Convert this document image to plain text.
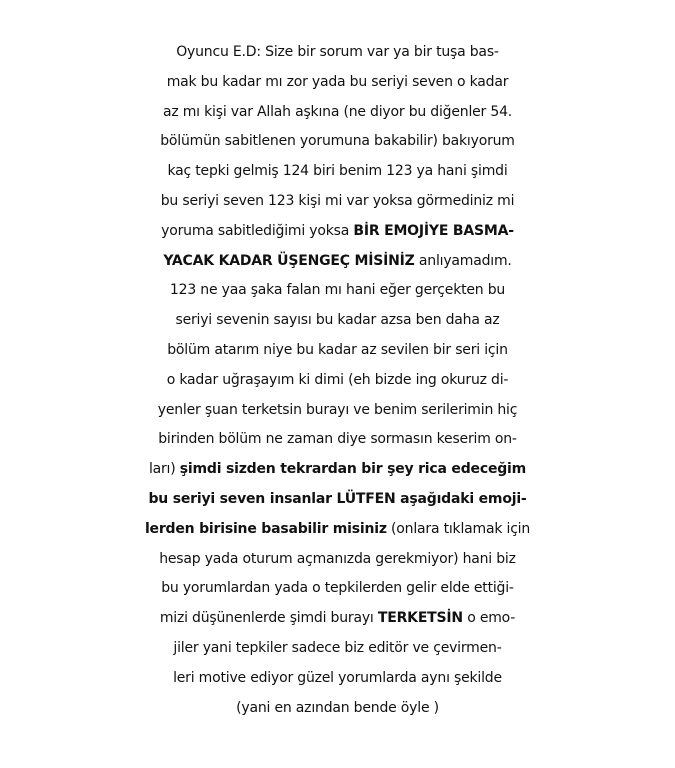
Oyuncu E.D: Size bir sorum var ya bir tuşa bas-
mak bu kadar mı zor yada bu seriyi seven o kadar
az mı kişi var Allah aşkına (ne diyor bu diğenler 54.
bölümün sabitlenen yorumuna bakabilir) bakıyorum
kaç tepki gelmiş 124 biri benim 123 ya hani şimdi
bu seriyi seven 123 kişi mi var yoksa görmediniz mi
yoruma sabitlediğimi yoksa BİR EMOJİYE BASMA-
YACAK KADAR ÜŞENGEÇ MİSİNİZ anlıyamadım.
123 ne yaa şaka falan mı hani eğer gerçekten bu
seriyi sevenin sayısı bu kadar azsa ben daha az
bölüm atarım niye bu kadar az sevilen bir seri için
o kadar uğraşayım ki dimi (eh bizde ing okuruz di-
yenler şuan terketsin burayı ve benim serilerimin hiç
birinden bölüm ne zaman diye sormasın keserim on-
ları) şimdi sizden tekrardan bir şey rica edeceğim
bu seriyi seven insanlar LÜTFEN aşağıdaki emoji-
lerden birisine basabilir misiniz (onlara tıklamak için
hesap yada oturum açmanızda gerekmiyor) hani biz
bu yorumlardan yada o tepkilerden gelir elde ettiği-
mizi düşünenlerde şimdi burayı TERKETSİN o emo-
jiler yani tepkiler sadece biz editör ve çevirmen-
leri motive ediyor güzel yorumlarda aynı şekilde
(yani en azından bende öyle )
